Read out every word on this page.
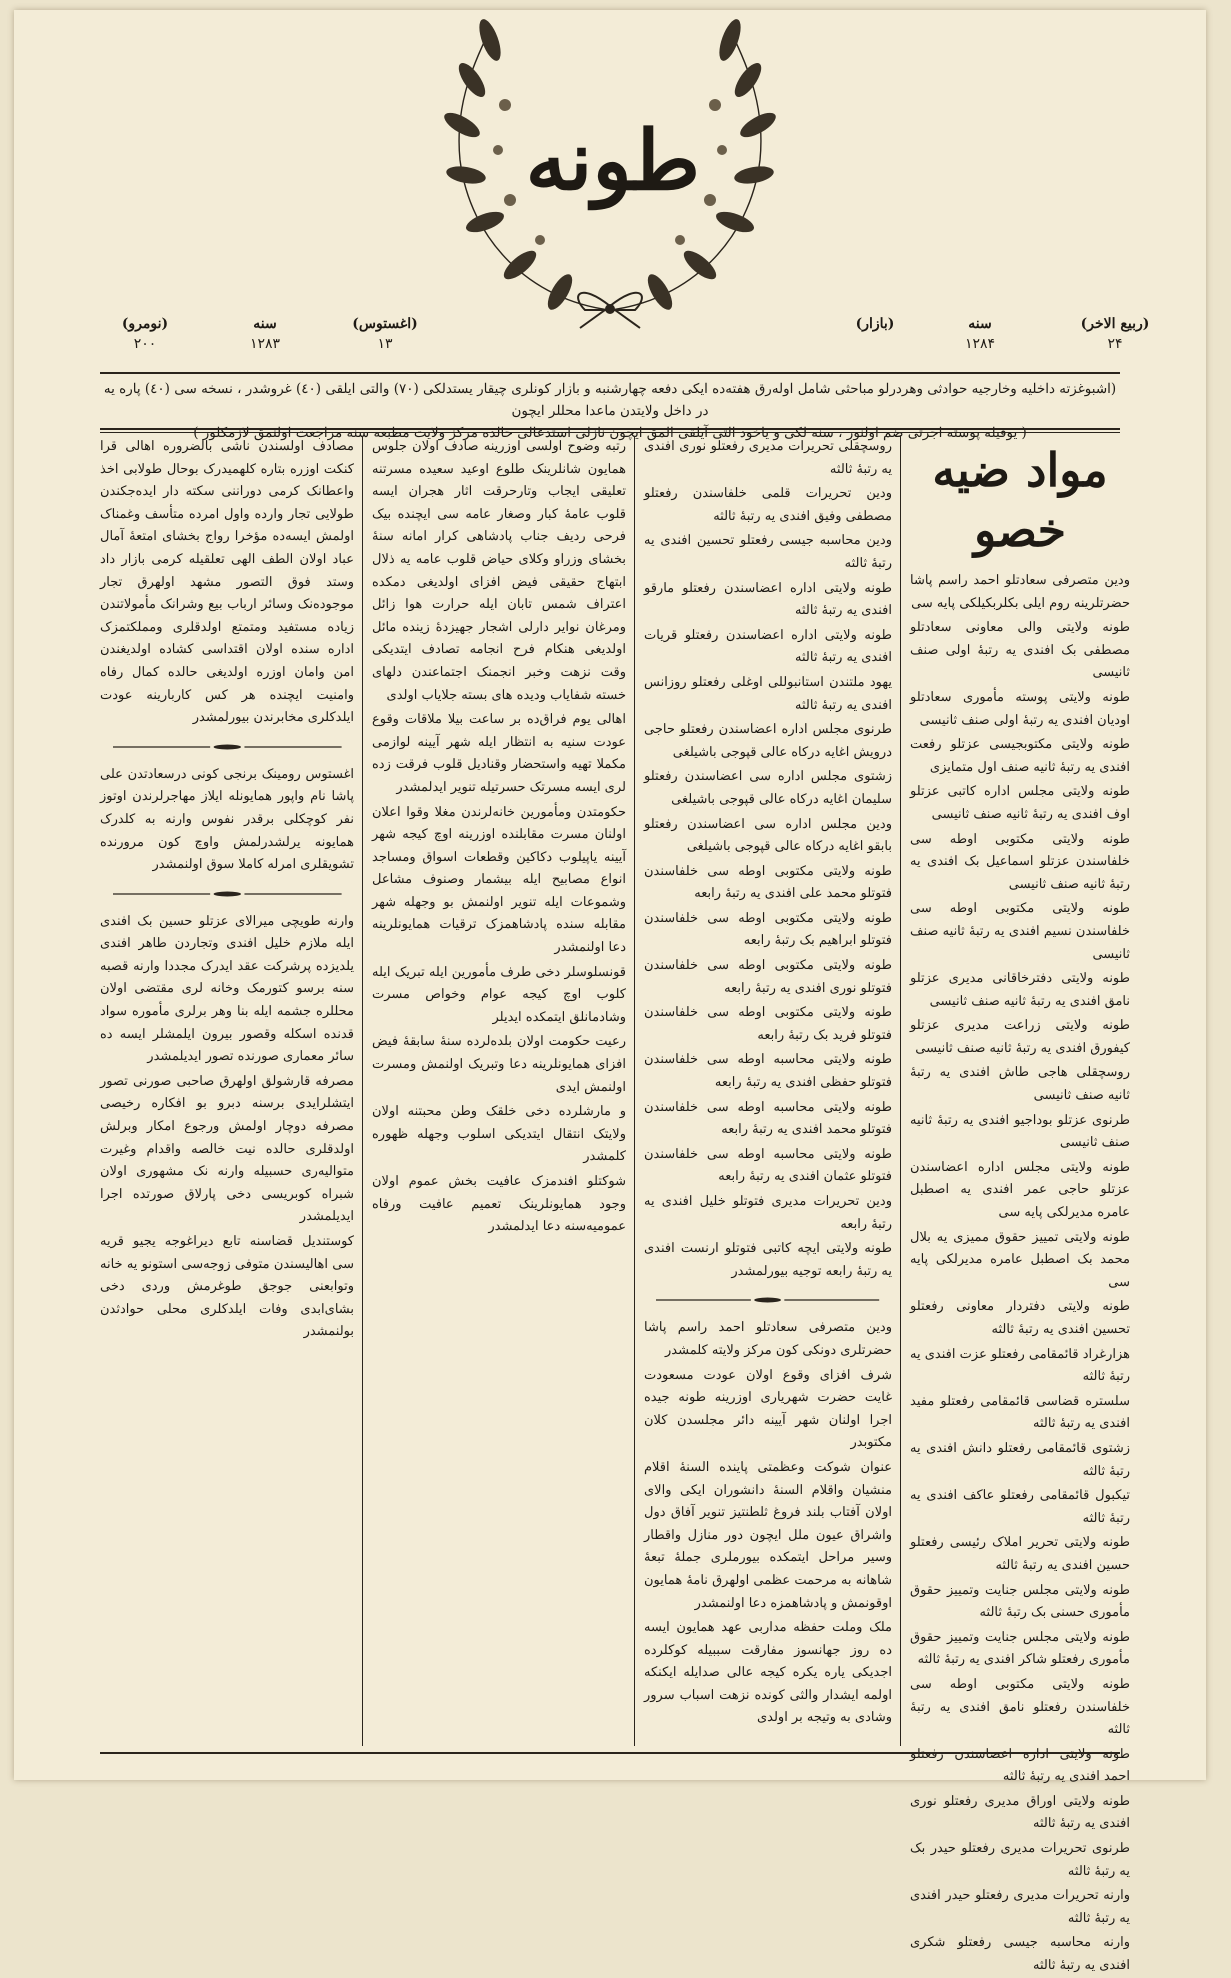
طونه
(ربیع الاخر)
۲۴
سنه
۱۲۸۴
(بازار)
(اغستوس)
۱۳
سنه
۱۲۸۳
(نومرو)
۲۰۰
(اشبوغزته داخلیه وخارجیه حوادثی وهردرلو مباحثی شامل اولەرق هفتەده ایکی دفعه چهارشنبه و بازار کونلری چیقار یستدلکی (۷۰) والتی ایلقی (٤۰) غروشدر ، نسخه سی (٤۰) پاره یه در داخل ولایتدن ماعدا محللر ایچون
( یوقیله پوسته اجرتی ضم اولنور ، سنه لکی و یاخود التی آیلقی المق ایچون نازلی استدعالی حالده مرکز ولایت مطبعه سنه مراجعت اولنمق لازمکلور )
مواد ضیه خصو

ودین متصرفی سعادتلو احمد راسم پاشا حضرتلرینه روم ایلی بکلربکیلکی پایه سی

طونه ولایتی والی معاونی سعادتلو مصطفی بک افندی یه رتبهٔ اولی صنف ثانیسی

طونه ولایتی پوسته مأموری سعادتلو اودیان افندی یه رتبهٔ اولی صنف ثانیسی

طونه ولایتی مکتوبجیسی عزتلو رفعت افندی یه رتبهٔ ثانیه صنف اول متمایزی

طونه ولایتی مجلس اداره کاتبی عزتلو اوف افندی یه رتبهٔ ثانیه صنف ثانیسی

طونه ولایتی مکتوبی اوطه سی خلفاسندن عزتلو اسماعیل بک افندی یه رتبهٔ ثانیه صنف ثانیسی

طونه ولایتی مکتوبی اوطه سی خلفاسندن نسیم افندی یه رتبهٔ ثانیه صنف ثانیسی

طونه ولایتی دفترخاقانی مدیری عزتلو نامق افندی یه رتبهٔ ثانیه صنف ثانیسی

طونه ولایتی زراعت مدیری عزتلو کیفورق افندی یه رتبهٔ ثانیه صنف ثانیسی

روسچقلی هاجی طاش افندی یه رتبهٔ ثانیه صنف ثانیسی

طرنوی عزتلو بوداجیو افندی یه رتبهٔ ثانیه صنف ثانیسی

طونه ولایتی مجلس اداره اعضاسندن عزتلو حاجی عمر افندی یه اصطبل عامره مدیرلکی پایه سی

طونه ولایتی تمییز حقوق ممیزی یه بلال محمد بک اصطبل عامره مدیرلکی پایه سی

طونه ولایتی دفتردار معاونی رفعتلو تحسین افندی یه رتبهٔ ثالثه

هزارغراد قائمقامی رفعتلو عزت افندی یه رتبهٔ ثالثه

سلستره قضاسی قائمقامی رفعتلو مفید افندی یه رتبهٔ ثالثه

زشتوی قائمقامی رفعتلو دانش افندی یه رتبهٔ ثالثه

تیکبول قائمقامی رفعتلو عاکف افندی یه رتبهٔ ثالثه

طونه ولایتی تحریر املاک رئیسی رفعتلو حسین افندی یه رتبهٔ ثالثه

طونه ولایتی مجلس جنایت وتمییز حقوق مأموری حسنی بک رتبهٔ ثالثه

طونه ولایتی مجلس جنایت وتمییز حقوق مأموری رفعتلو شاکر افندی یه رتبهٔ ثالثه

طونه ولایتی مکتوبی اوطه سی خلفاسندن رفعتلو نامق افندی یه رتبهٔ ثالثه

طونه ولایتی اداره اعضاسندن رفعتلو احمد افندی یه رتبهٔ ثالثه

طونه ولایتی اوراق مدیری رفعتلو نوری افندی یه رتبهٔ ثالثه

طرنوی تحریرات مدیری رفعتلو حیدر بک یه رتبهٔ ثالثه

وارنه تحریرات مدیری رفعتلو حیدر افندی یه رتبهٔ ثالثه

وارنه محاسبه جیسی رفعتلو شکری افندی یه رتبهٔ ثالثه

روسچقلی تحریرات مدیری رفعتلو نوری افندی یه رتبهٔ ثالثه

ودین تحریرات قلمی خلفاسندن رفعتلو مصطفی وفیق افندی یه رتبهٔ ثالثه

ودین محاسبه جیسی رفعتلو تحسین افندی یه رتبهٔ ثالثه

طونه ولایتی اداره اعضاسندن رفعتلو مارقو افندی یه رتبهٔ ثالثه

طونه ولایتی اداره اعضاسندن رفعتلو قریات افندی یه رتبهٔ ثالثه

یهود ملتندن استانبوللی اوغلی رفعتلو روزانس افندی یه رتبهٔ ثالثه

طرنوی مجلس اداره اعضاسندن رفعتلو حاجی درویش اغایه درکاه عالی قپوجی باشیلغی

زشتوی مجلس اداره سی اعضاسندن رفعتلو سلیمان اغایه درکاه عالی قپوجی باشیلغی

ودین مجلس اداره سی اعضاسندن رفعتلو بابقو اغایه درکاه عالی قپوجی باشیلغی

طونه ولایتی مکتوبی اوطه سی خلفاسندن فتوتلو محمد علی افندی یه رتبهٔ رابعه

طونه ولایتی مکتوبی اوطه سی خلفاسندن فتوتلو ابراهیم بک رتبهٔ رابعه

طونه ولایتی مکتوبی اوطه سی خلفاسندن فتوتلو نوری افندی یه رتبهٔ رابعه

طونه ولایتی مکتوبی اوطه سی خلفاسندن فتوتلو فرید بک رتبهٔ رابعه

طونه ولایتی محاسبه اوطه سی خلفاسندن فتوتلو حفظی افندی یه رتبهٔ رابعه

طونه ولایتی محاسبه اوطه سی خلفاسندن فتوتلو محمد افندی یه رتبهٔ رابعه

طونه ولایتی محاسبه اوطه سی خلفاسندن فتوتلو عثمان افندی یه رتبهٔ رابعه

ودین تحریرات مدیری فتوتلو خلیل افندی یه رتبهٔ رابعه

طونه ولایتی ایچه کاتبی فتوتلو ارنست افندی یه رتبهٔ رابعه توجیه بیورلمشدر

ودین متصرفی سعادتلو احمد راسم پاشا حضرتلری دونکی کون مرکز ولایته کلمشدر

شرف افزای وقوع اولان عودت مسعودت غایت حضرت شهریاری اوزرینه طونه جیده اجرا اولنان شهر آیینه دائر مجلسدن کلان مکتوبدر

عنوان شوکت وعظمتی پاینده السنهٔ اقلام منشیان واقلام السنهٔ دانشوران ایکی والای اولان آفتاب بلند فروغ ثلطنتیز تنویر آفاق دول واشراق عیون ملل ایچون دور منازل واقطار وسیر مراحل ایتمکده بیورملری جملهٔ تبعهٔ شاهانه به مرحمت عظمی اولهرق نامهٔ همایون اوقونمش و پادشاهمزه دعا اولنمشدر

ملک وملت حفظه مداربی عهد همایون ایسه ده روز جهانسوز مفارقت سببیله کوکلرده اجدیکی یاره یکره کیجه عالی صدایله ایکنکه اولمه ایشدار والثی کونده نزهت اسباب سرور وشادی به وتیجه بر اولدی

رتبه وضوح اولسی اوزرینه صادف اولان جلوس همایون شانلرینک طلوع اوعید سعیده مسرتنه تعلیقی ایجاب وتارحرقت اثار هجران ایسه قلوب عامهٔ کبار وصغار عامه سی ایچنده بیک فرحی ردیف جناب پادشاهی کرار امانه سنهٔ بخشای وزراو وکلای حیاض قلوب عامه یه ذلال ابتهاج حقیقی فیض افزای اولدیغی دمکده اعتراف شمس تابان ایله حرارت هوا زائل ومرغان نوایر دارلی اشجار جهیزدهٔ زینده مائل اولدیغی هنکام فرح انجامه تصادف ایتدیکی وقت نزهت وخبر انجمنک اجتماعندن دلهای خسته شفایاب ودیده های بسته جلایاب اولدی

اهالی یوم فراق‌ده بر ساعت بیلا ملاقات وقوع عودت سنیه به انتظار ایله شهر آیینه لوازمی مکملا تهیه واستحضار وقنادیل قلوب فرقت زده لری ایسه مسرتک حسرتیله تنویر ایدلمشدر

حکومتدن ومأمورین خانه‌لرندن مغلا وقوا اعلان اولنان مسرت مقابلنده اوزرینه اوچ کیجه شهر آیینه یاپیلوب دکاکین وقطعات اسواق ومساجد انواع مصابیح ایله بیشمار وصنوف مشاعل وشموعات ایله تنویر اولنمش بو وجهله شهر مقابله سنده پادشاهمزک ترقیات همایونلرینه دعا اولنمشدر

قونسلوسلر دخی طرف مأمورین ایله تبریک ایله کلوب اوچ کیجه عوام وخواص مسرت وشادمانلق ایتمکده ایدیلر

رعیت حکومت اولان بلده‌لرده سنهٔ سابقهٔ فیض افزای همایونلرینه دعا وتبریک اولنمش ومسرت اولنمش ایدی

و مارشلرده دخی خلقک وطن محبتنه اولان ولایتک انتقال ایتدیکی اسلوب وجهله ظهوره کلمشدر

شوکتلو افندمزک عافیت بخش عموم اولان وجود همایونلرینک تعمیم عافیت ورفاه عمومیه‌سنه دعا ایدلمشدر

مصادف اولسندن ناشی بالضروره اهالی قرا کنکت اوزره بتاره کلهمیدرک بوحال طولابی اخذ واعطانک کرمی دوراننی سکته دار ایده‌جکندن طولایی تجار وارده واول امرده متأسف وغمناک اولمش ایسه‌ده مؤخرا رواج بخشای امتعهٔ آمال عباد اولان الطف الهی تعلقیله کرمی بازار داد وستد فوق التصور مشهد اولهرق تجار موجوده‌نک وسائر ارباب بیع وشرانک مأمولاتندن زیاده مستفید ومتمتع اولدقلری ومملکتمزک اداره سنده اولان اقتداسی کشاده اولدیغندن امن وامان اوزره اولدیغی حالده کمال رفاه وامنیت ایچنده هر کس کاربارینه عودت ایلدکلری مخابرندن بیورلمشدر

اغستوس رومینک برنجی کونی درسعادتدن علی پاشا نام واپور همایونله ایلاز مهاجرلرندن اوتوز نفر کوچکلی برقدر نفوس وارنه به کلدرک همایونه یرلشدرلمش واوچ کون مرورنده تشویقلری امرله کاملا سوق اولنمشدر

وارنه طویچی میرالای عزتلو حسین بک افندی ایله ملازم خلیل افندی وتجاردن طاهر افندی یلدیزده پرشرکت عقد ایدرک مجددا وارنه قصبه سنه برسو کتورمک وخانه لری مقتضی اولان محللره جشمه ایله بنا وهر برلری مأموره سواد قدنده اسکله وقصور بیرون ایلمشلر ایسه ده سائر معماری صورنده تصور ایدیلمشدر

مصرفه قارشولق اولهرق صاحبی صورنی تصور ایتشلرایدی برسنه دبرو بو افکاره رخیصی مصرفه دوچار اولمش ورجوع امکار وبرلش اولدقلری حالده نیت خالصه واقدام وغیرت متوالیه‌ری حسبیله وارنه نک مشهوری اولان شبراه کوبریسی دخی پارلاق صورتده اجرا ایدیلمشدر

کوستندیل قضاسنه تابع دیراغوجه یجیو قریه سی اهالیسندن متوفی زوجه‌سی استونو یه خانه وتوابعنی جوجق طوغرمش وردی دخی بشای‌ابدی وفات ایلدکلری محلی حوادثدن بولنمشدر
